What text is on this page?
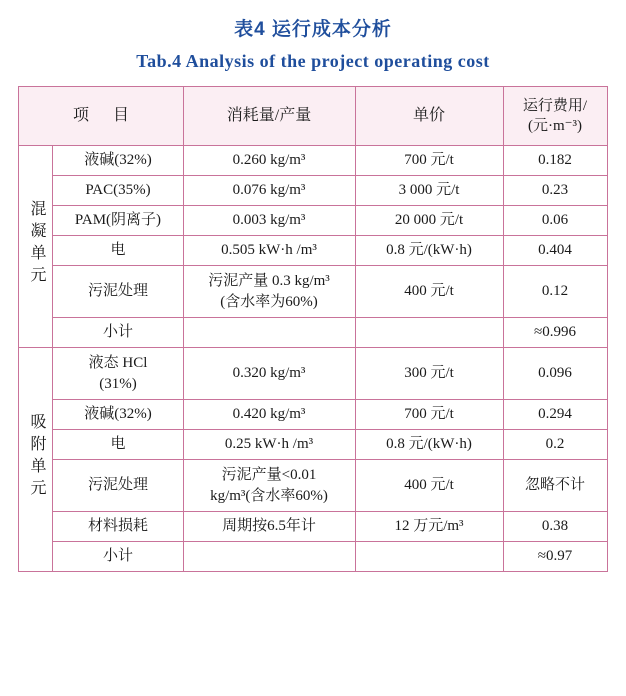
表4 运行成本分析
Tab.4 Analysis of the project operating cost
项 目		消耗量/产量	单价	运行费用/
(元·m⁻³)

混凝单元	液碱(32%)	0.260 kg/m³	700 元/t	0.182
	PAC(35%)	0.076 kg/m³	3 000 元/t	0.23
	PAM(阴离子)	0.003 kg/m³	20 000 元/t	0.06
	电	0.505 kW·h /m³	0.8 元/(kW·h)	0.404
	污泥处理	污泥产量 0.3 kg/m³
(含水率为60%)	400 元/t	0.12
	小计			≈0.996
吸附单元	液态 HCl
(31%)	0.320 kg/m³	300 元/t	0.096
	液碱(32%)	0.420 kg/m³	700 元/t	0.294
	电	0.25 kW·h /m³	0.8 元/(kW·h)	0.2
	污泥处理	污泥产量<0.01
kg/m³(含水率60%)	400 元/t	忽略不计
	材料损耗	周期按6.5年计	12 万元/m³	0.38
	小计			≈0.97
